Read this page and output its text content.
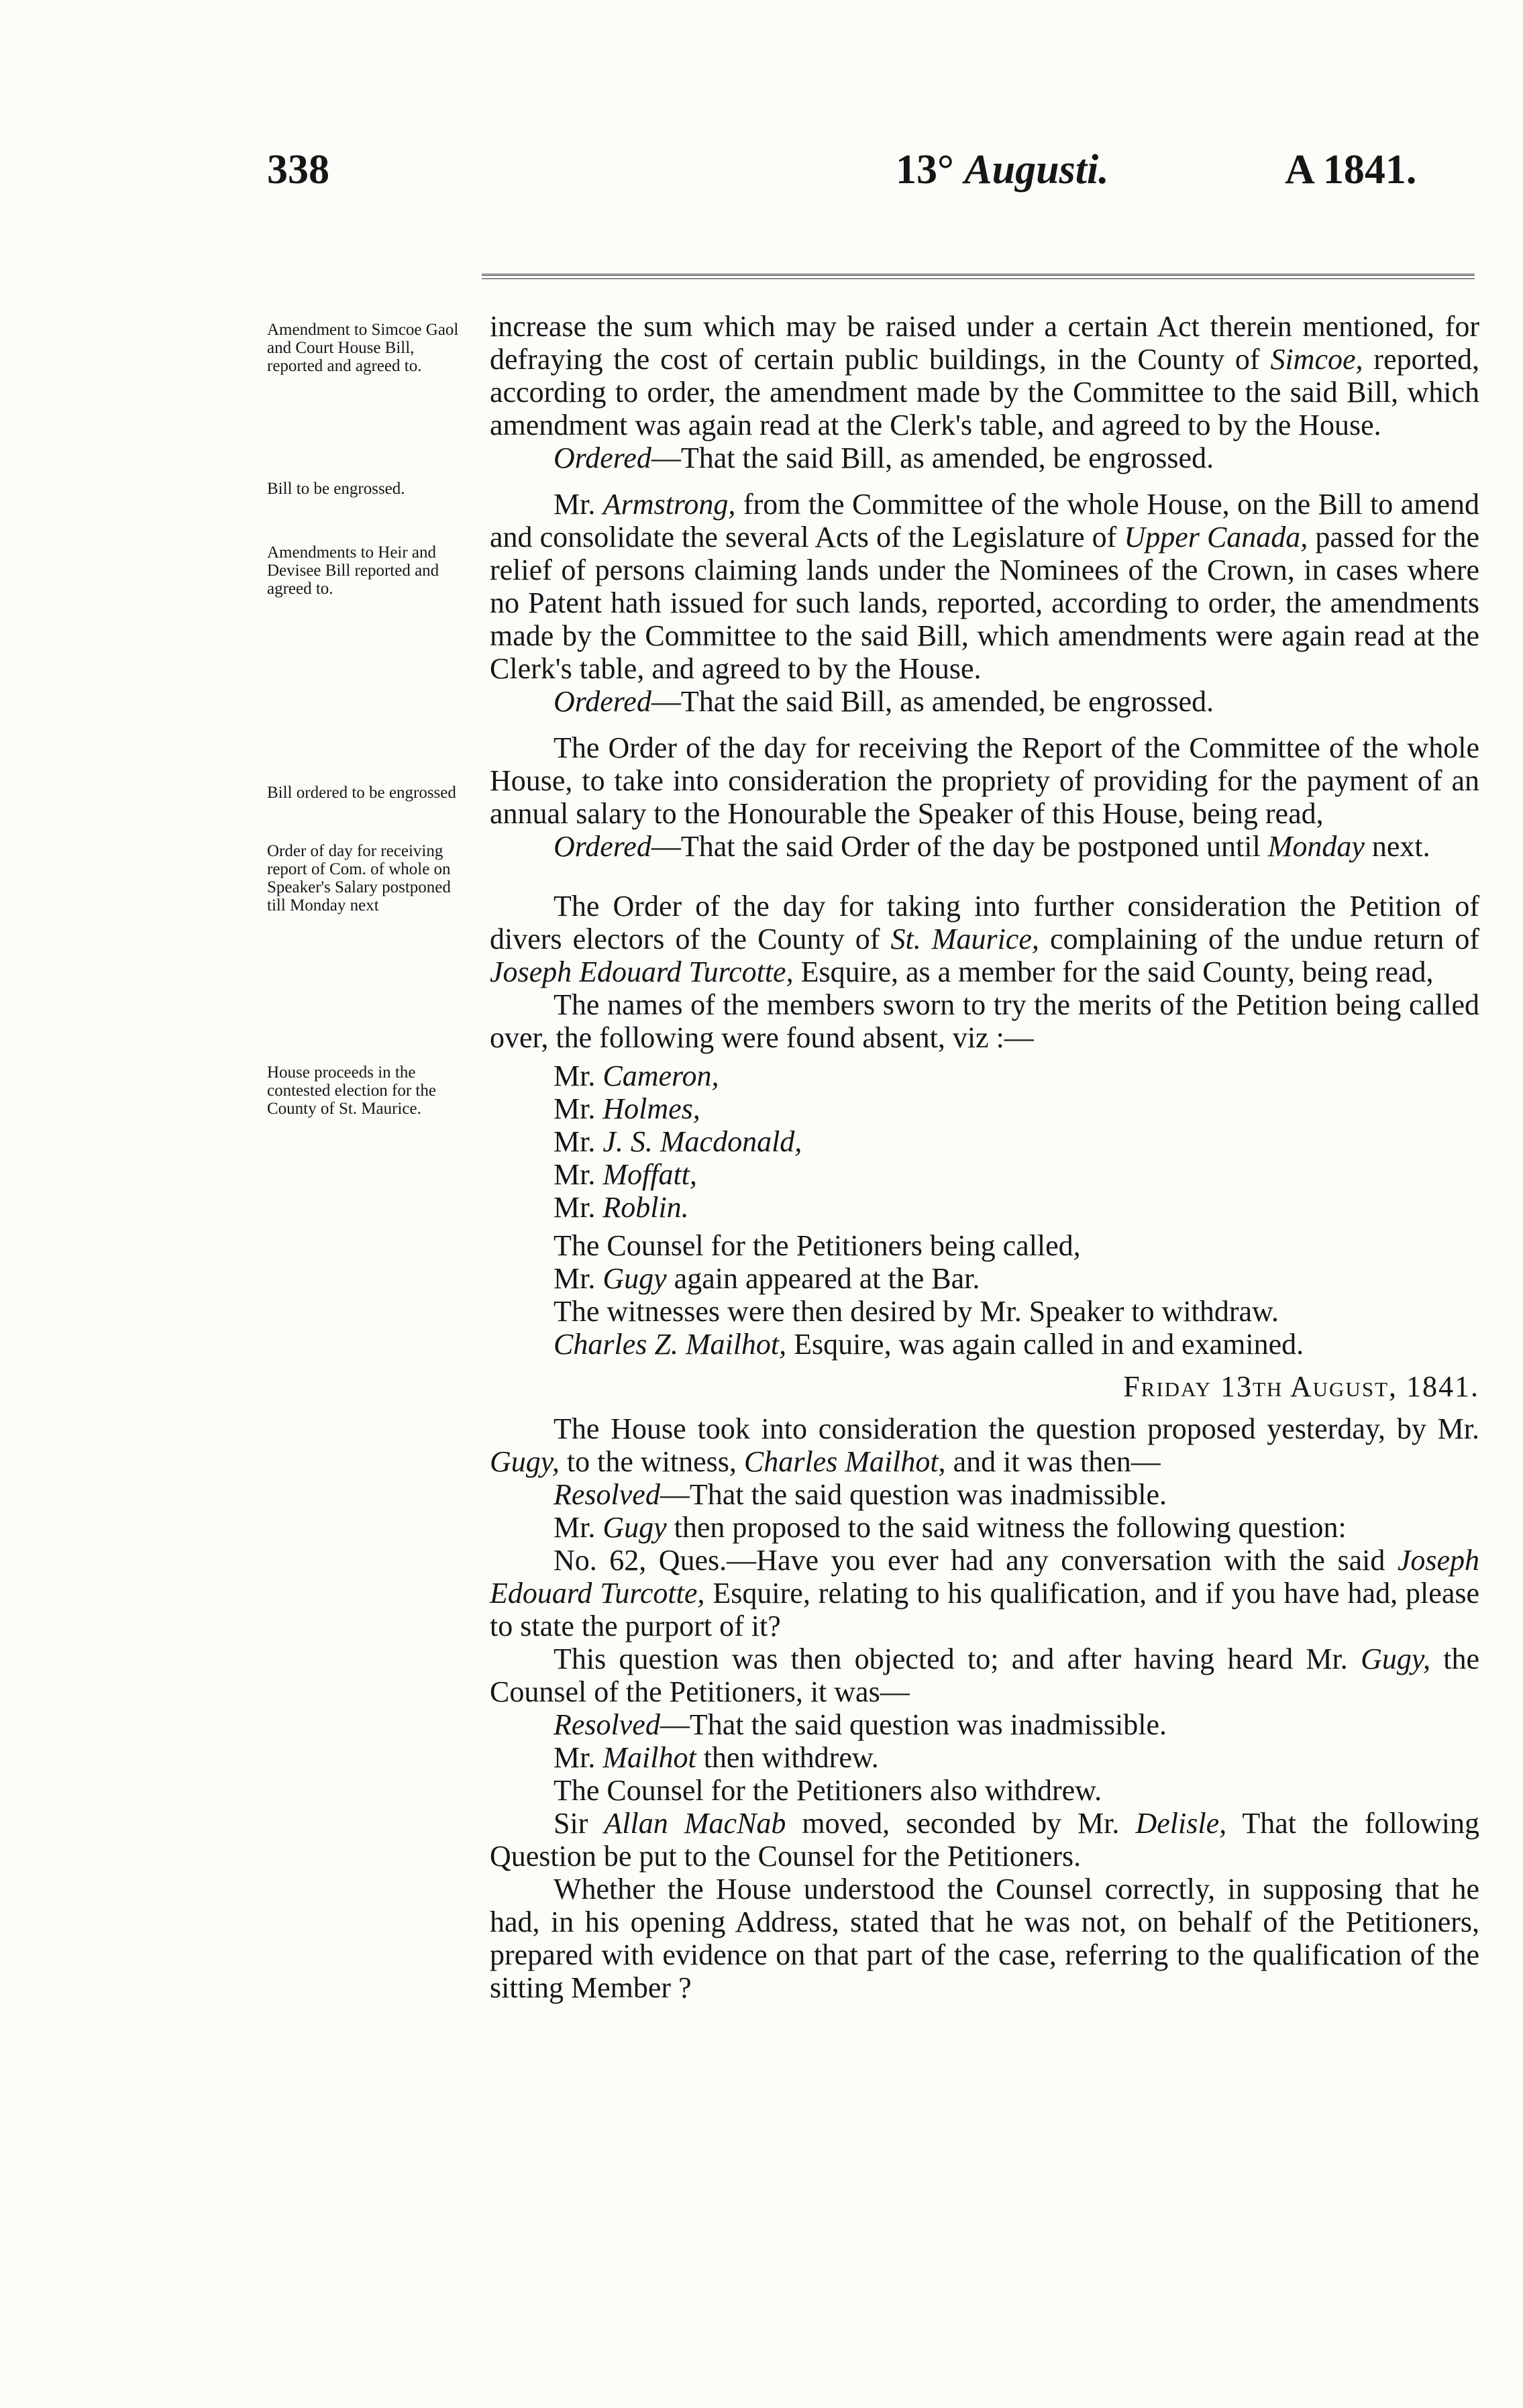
338	13° Augusti.	A 1841.
Amendment to Simcoe Gaol and Court House Bill, reported and agreed to.
Bill to be engrossed.
Amendments to Heir and Devisee Bill reported and agreed to.
Bill ordered to be engrossed
Order of day for receiving report of Com. of whole on Speaker's Salary postponed till Monday next
House proceeds in the contested election for the County of St. Maurice.

increase the sum which may be raised under a certain Act therein mentioned, for defraying the cost of certain public buildings, in the County of Simcoe, reported, according to order, the amendment made by the Committee to the said Bill, which amendment was again read at the Clerk's table, and agreed to by the House.

Ordered—That the said Bill, as amended, be engrossed.

Mr. Armstrong, from the Committee of the whole House, on the Bill to amend and consolidate the several Acts of the Legislature of Upper Canada, passed for the relief of persons claiming lands under the Nominees of the Crown, in cases where no Patent hath issued for such lands, reported, according to order, the amendments made by the Committee to the said Bill, which amendments were again read at the Clerk's table, and agreed to by the House.

Ordered—That the said Bill, as amended, be engrossed.

The Order of the day for receiving the Report of the Committee of the whole House, to take into consideration the propriety of providing for the payment of an annual salary to the Honourable the Speaker of this House, being read,

Ordered—That the said Order of the day be postponed until Monday next.

The Order of the day for taking into further consideration the Petition of divers electors of the County of St. Maurice, complaining of the undue return of Joseph Edouard Turcotte, Esquire, as a member for the said County, being read,

The names of the members sworn to try the merits of the Petition being called over, the following were found absent, viz :—

Mr. Cameron,

Mr. Holmes,

Mr. J. S. Macdonald,

Mr. Moffatt,

Mr. Roblin.

The Counsel for the Petitioners being called,

Mr. Gugy again appeared at the Bar.

The witnesses were then desired by Mr. Speaker to withdraw.

Charles Z. Mailhot, Esquire, was again called in and examined.

Friday 13th August, 1841.

The House took into consideration the question proposed yesterday, by Mr. Gugy, to the witness, Charles Mailhot, and it was then—

Resolved—That the said question was inadmissible.

Mr. Gugy then proposed to the said witness the following question:

No. 62, Ques.—Have you ever had any conversation with the said Joseph Edouard Turcotte, Esquire, relating to his qualification, and if you have had, please to state the purport of it?

This question was then objected to; and after having heard Mr. Gugy, the Counsel of the Petitioners, it was—

Resolved—That the said question was inadmissible.

Mr. Mailhot then withdrew.

The Counsel for the Petitioners also withdrew.

Sir Allan MacNab moved, seconded by Mr. Delisle, That the following Question be put to the Counsel for the Petitioners.

Whether the House understood the Counsel correctly, in supposing that he had, in his opening Address, stated that he was not, on behalf of the Petitioners, prepared with evidence on that part of the case, referring to the qualification of the sitting Member ?
